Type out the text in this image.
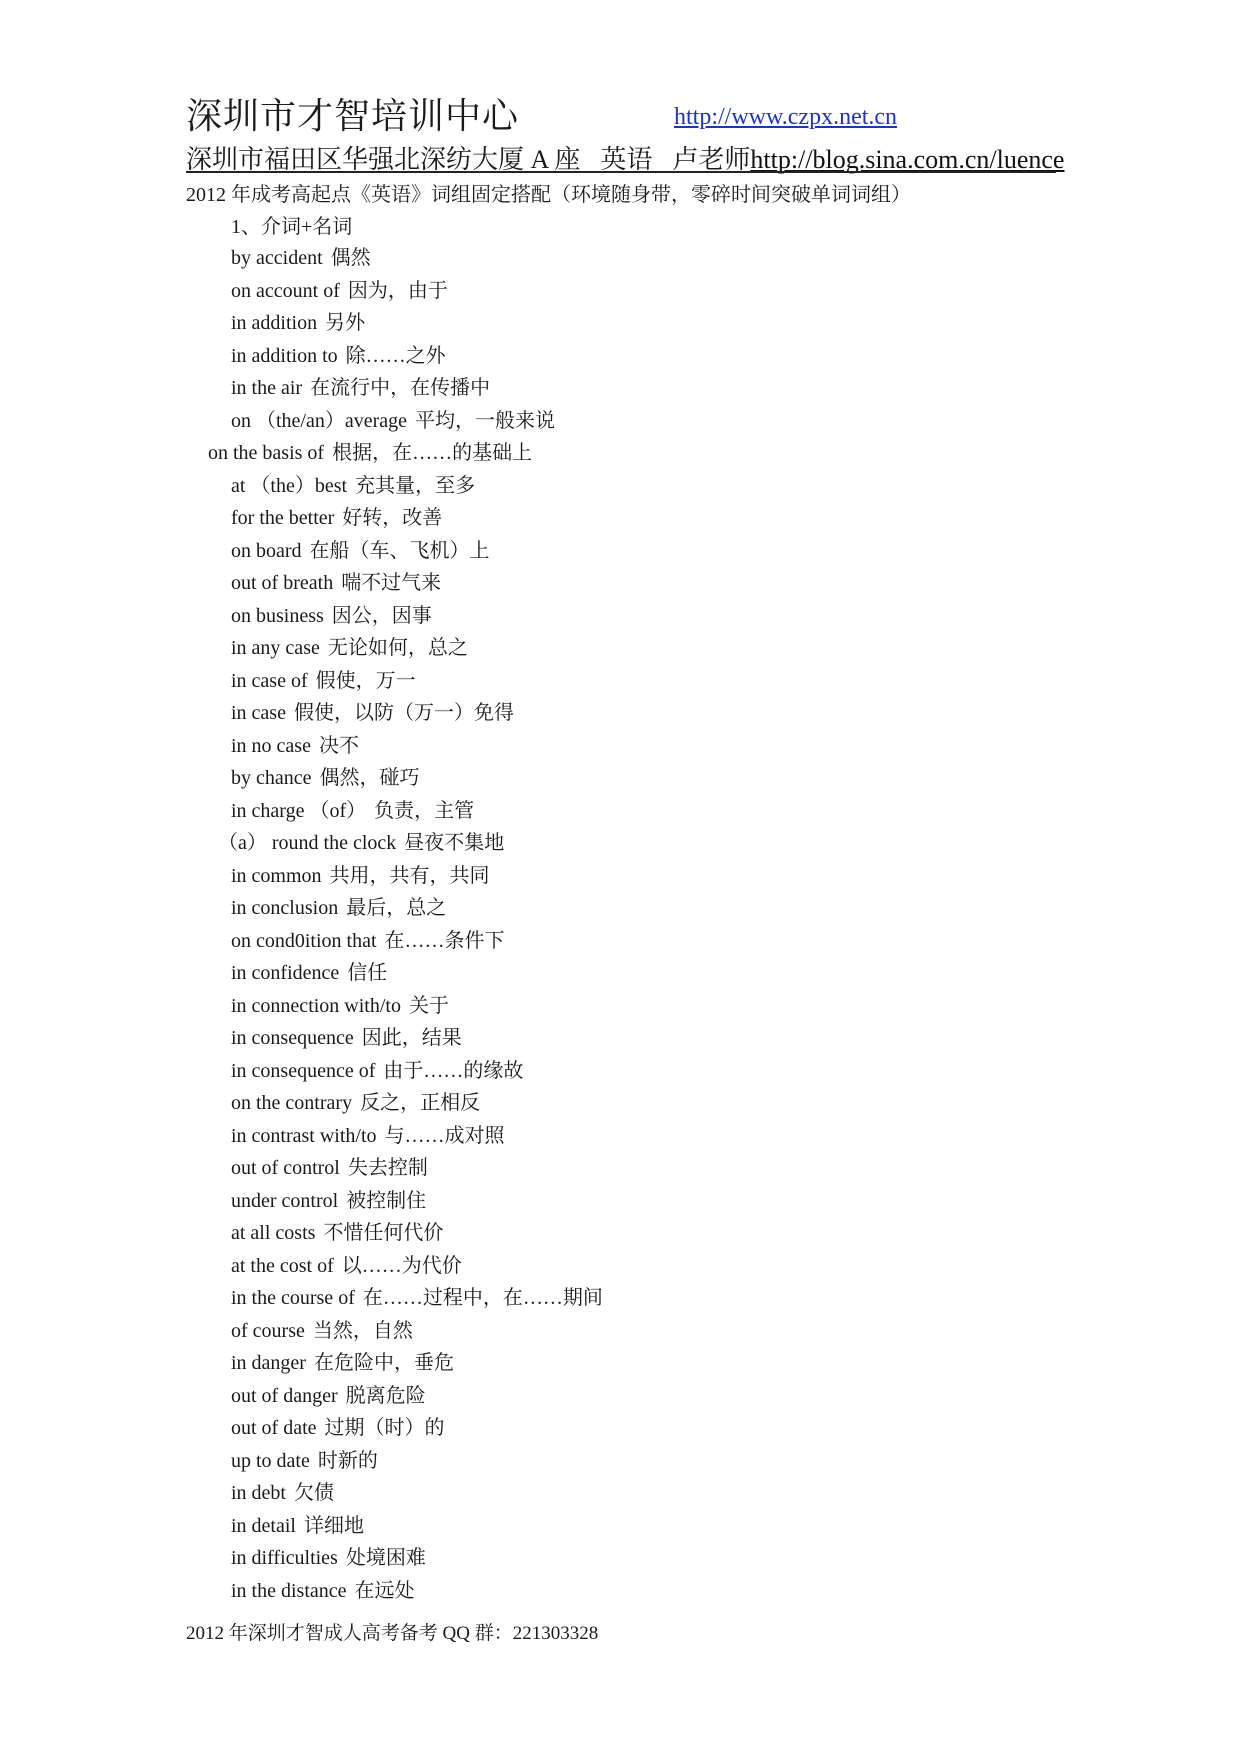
深圳市才智培训中心	http://www.czpx.net.cn
深圳市福田区华强北深纺大厦 A 座 英语 卢老师http://blog.sina.com.cn/luence
2012 年成考高起点《英语》词组固定搭配（环境随身带，零碎时间突破单词词组）
1、介词+名词
by accident 偶然
on account of 因为，由于
in addition 另外
in addition to 除……之外
in the air 在流行中，在传播中
on （the/an）average 平均，一般来说
on the basis of 根据，在……的基础上
at （the）best 充其量，至多
for the better 好转，改善
on board 在船（车、飞机）上
out of breath 喘不过气来
on business 因公，因事
in any case 无论如何，总之
in case of 假使，万一
in case 假使，以防（万一）免得
in no case 决不
by chance 偶然，碰巧
in charge （of） 负责，主管
（a） round the clock 昼夜不集地
in common 共用，共有，共同
in conclusion 最后，总之
on cond0ition that 在……条件下
in confidence 信任
in connection with/to 关于
in consequence 因此，结果
in consequence of 由于……的缘故
on the contrary 反之，正相反
in contrast with/to 与……成对照
out of control 失去控制
under control 被控制住
at all costs 不惜任何代价
at the cost of 以……为代价
in the course of 在……过程中，在……期间
of course 当然，自然
in danger 在危险中，垂危
out of danger 脱离危险
out of date 过期（时）的
up to date 时新的
in debt 欠债
in detail 详细地
in difficulties 处境困难
in the distance 在远处
2012 年深圳才智成人高考备考 QQ 群：221303328
